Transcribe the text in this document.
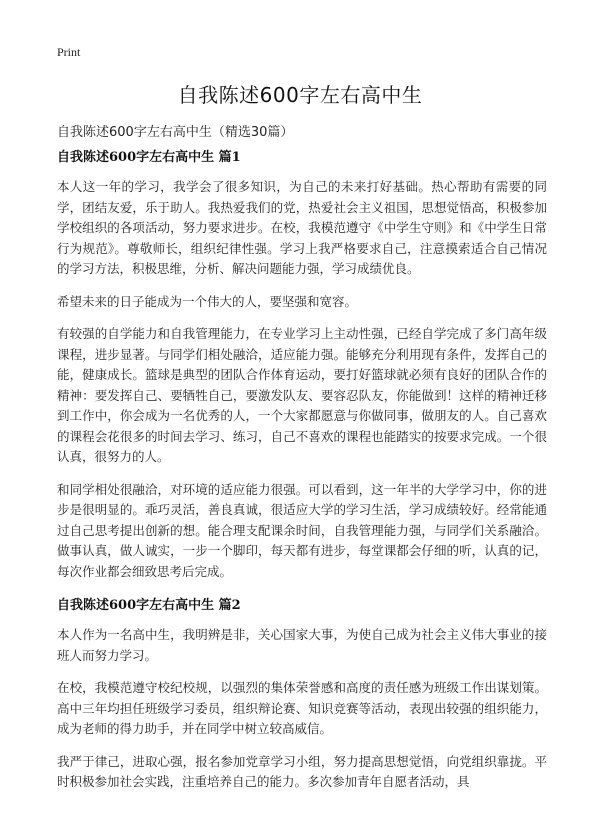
Print
自我陈述600字左右高中生
自我陈述600字左右高中生（精选30篇）
自我陈述600字左右高中生 篇1

本人这一年的学习，我学会了很多知识，为自己的未来打好基础。热心帮助有需要的同学，团结友爱，乐于助人。我热爱我们的党，热爱社会主义祖国，思想觉悟高，积极参加学校组织的各项活动，努力要求进步。在校，我模范遵守《中学生守则》和《中学生日常行为规范》。尊敬师长，组织纪律性强。学习上我严格要求自己，注意摸索适合自己情况的学习方法，积极思维，分析、解决问题能力强，学习成绩优良。

希望未来的日子能成为一个伟大的人，要坚强和宽容。

有较强的自学能力和自我管理能力，在专业学习上主动性强，已经自学完成了多门高年级课程，进步显著。与同学们相处融洽，适应能力强。能够充分利用现有条件，发挥自己的能，健康成长。篮球是典型的团队合作体育运动，要打好篮球就必须有良好的团队合作的精神：要发挥自己、要牺牲自己，要激发队友、要容忍队友，你能做到！这样的精神迁移到工作中，你会成为一名优秀的人，一个大家都愿意与你做同事，做朋友的人。自己喜欢的课程会花很多的时间去学习、练习，自己不喜欢的课程也能踏实的按要求完成。一个很认真，很努力的人。

和同学相处很融洽，对环境的适应能力很强。可以看到，这一年半的大学学习中，你的进步是很明显的。乖巧灵活，善良真诚，很适应大学的学习生活，学习成绩较好。经常能通过自己思考提出创新的想。能合理支配课余时间，自我管理能力强，与同学们关系融洽。做事认真，做人诚实，一步一个脚印，每天都有进步，每堂课都会仔细的听，认真的记，每次作业都会细致思考后完成。

自我陈述600字左右高中生 篇2

本人作为一名高中生，我明辨是非，关心国家大事，为使自己成为社会主义伟大事业的接班人而努力学习。

在校，我模范遵守校纪校规，以强烈的集体荣誉感和高度的责任感为班级工作出谋划策。高中三年均担任班级学习委员，组织辩论赛、知识竞赛等活动，表现出较强的组织能力，成为老师的得力助手，并在同学中树立较高威信。

我严于律己，进取心强，报名参加党章学习小组，努力提高思想觉悟，向党组织靠拢。平时积极参加社会实践，注重培养自己的能力。多次参加青年自愿者活动，具
